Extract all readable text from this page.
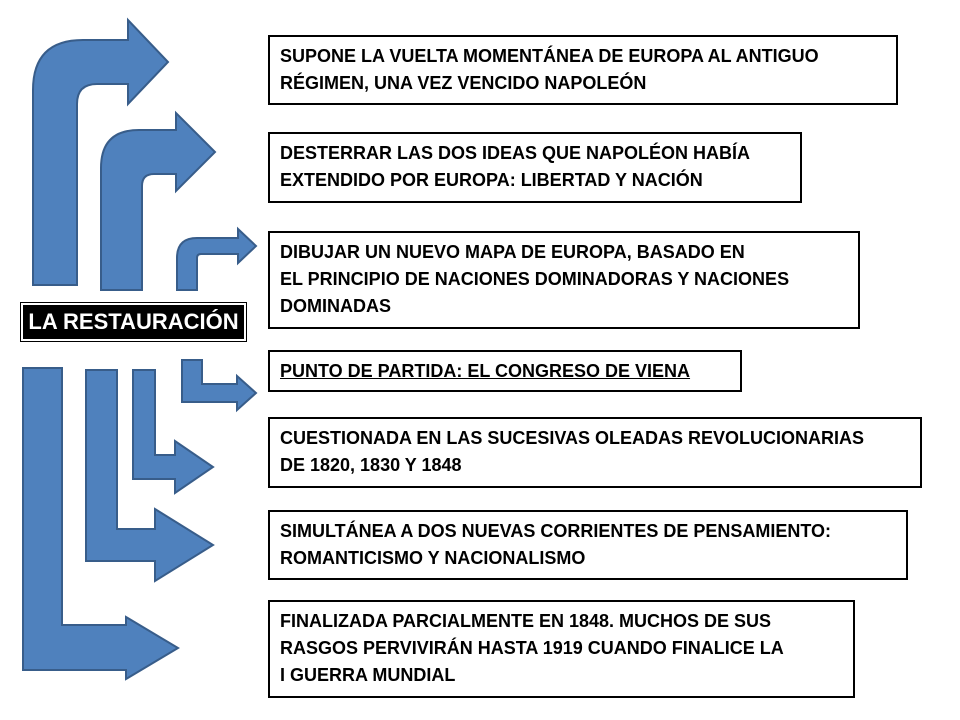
LA RESTAURACIÓN
SUPONE LA VUELTA MOMENTÁNEA DE EUROPA AL ANTIGUO
RÉGIMEN, UNA VEZ VENCIDO NAPOLEÓN
DESTERRAR LAS DOS IDEAS QUE NAPOLÉON HABÍA
EXTENDIDO POR EUROPA: LIBERTAD Y NACIÓN
DIBUJAR UN NUEVO MAPA DE EUROPA, BASADO EN
EL PRINCIPIO DE NACIONES DOMINADORAS Y NACIONES
DOMINADAS
PUNTO DE PARTIDA: EL CONGRESO DE VIENA
CUESTIONADA EN LAS SUCESIVAS OLEADAS REVOLUCIONARIAS
DE 1820, 1830 Y 1848
SIMULTÁNEA A DOS NUEVAS CORRIENTES DE PENSAMIENTO:
ROMANTICISMO Y NACIONALISMO
FINALIZADA PARCIALMENTE EN 1848. MUCHOS DE SUS
RASGOS PERVIVIRÁN HASTA 1919 CUANDO FINALICE LA
I GUERRA MUNDIAL
